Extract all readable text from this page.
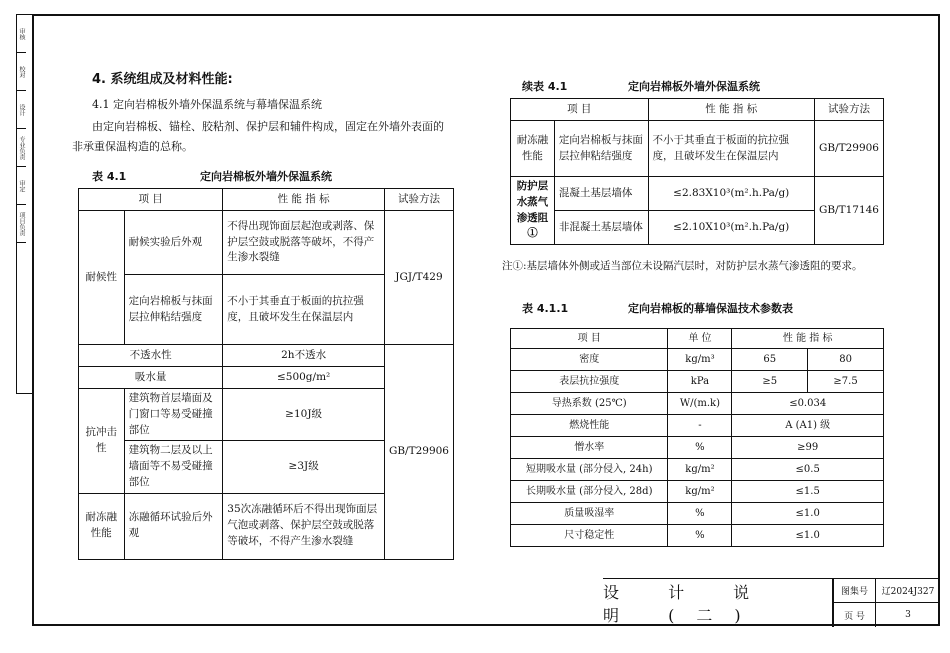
审核
校对
设计
专业负责
审定
项目负责
4. 系统组成及材料性能:
4.1 定向岩棉板外墙外保温系统与幕墙保温系统
由定向岩棉板、锚栓、胶粘剂、保护层和辅件构成，固定在外墙外表面的
非承重保温构造的总称。
表 4.1	定向岩棉板外墙外保温系统
项 目		性 能 指 标	试验方法
耐候性	耐候实验后外观	不得出现饰面层起泡或剥落、保护层空鼓或脱落等破坏，不得产生渗水裂缝	JGJ/T429
	定向岩棉板与抹面层拉伸粘结强度	不小于其垂直于板面的抗拉强度，且破坏发生在保温层内	
不透水性		2h不透水	GB/T29906
吸水量		≤500g/m²	
抗冲击性	建筑物首层墙面及门窗口等易受碰撞部位	≥10J级	
	建筑物二层及以上墙面等不易受碰撞部位	≥3J级	
耐冻融性能	冻融循环试验后外观	35次冻融循环后不得出现饰面层气泡或剥落、保护层空鼓或脱落等破坏，不得产生渗水裂缝	
续表 4.1	定向岩棉板外墙外保温系统
项 目		性 能 指 标	试验方法
耐冻融性能	定向岩棉板与抹面层拉伸粘结强度	不小于其垂直于板面的抗拉强度，且破坏发生在保温层内	GB/T29906
防护层水蒸气渗透阻①	混凝土基层墙体	≤2.83X10³(m².h.Pa/g)	GB/T17146
	非混凝土基层墙体	≤2.10X10³(m².h.Pa/g)	
注①:基层墙体外侧或适当部位未设隔汽层时，对防护层水蒸气渗透阻的要求。
表 4.1.1	定向岩棉板的幕墙保温技术参数表
项 目	单 位	性 能 指 标	
密度	kg/m³	65	80
表层抗拉强度	kPa	≥5	≥7.5
导热系数 (25℃)	W/(m.k)	≤0.034	
燃烧性能	-	A (A1) 级	
憎水率	%	≥99	
短期吸水量 (部分侵入, 24h)	kg/m²	≤0.5	
长期吸水量 (部分侵入, 28d)	kg/m²	≤1.5	
质量吸湿率	%	≤1.0	
尺寸稳定性	%	≤1.0	
设 计 说 明 (二)
图集号	辽2024J327
页 号	3
